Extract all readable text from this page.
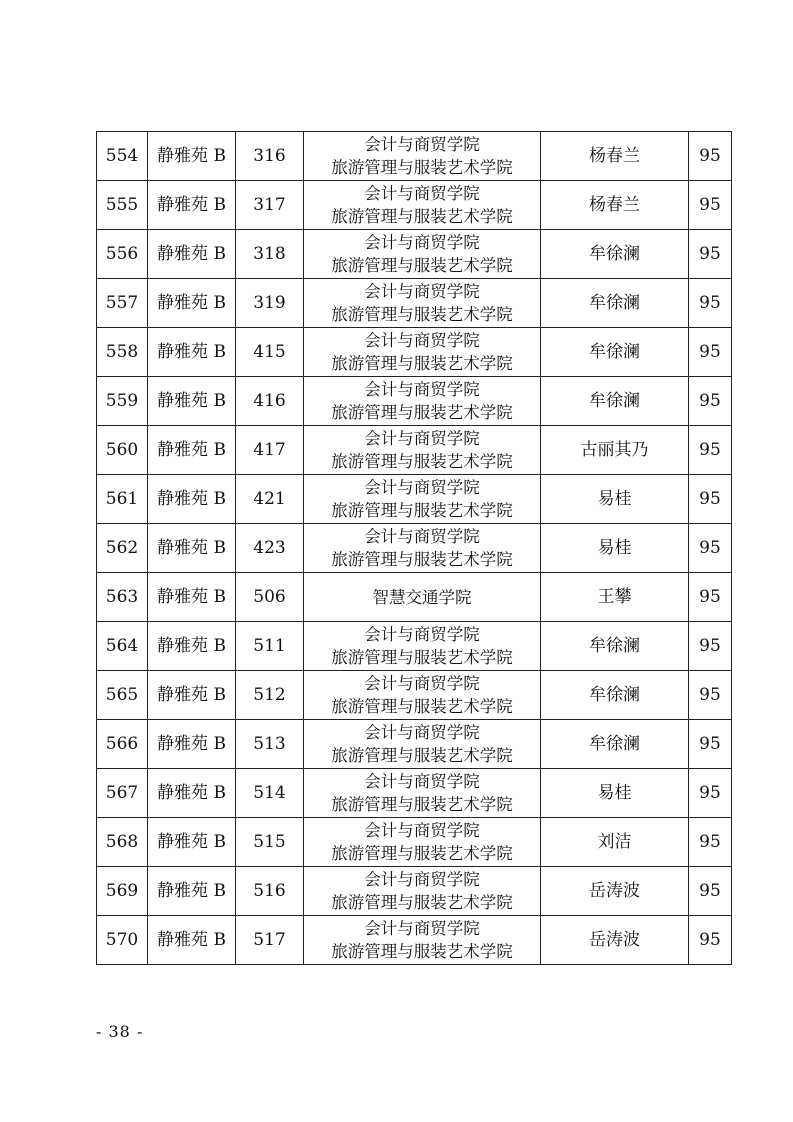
554	静雅苑 B	316	会计与商贸学院
旅游管理与服装艺术学院	杨春兰	95
555	静雅苑 B	317	会计与商贸学院
旅游管理与服装艺术学院	杨春兰	95
556	静雅苑 B	318	会计与商贸学院
旅游管理与服装艺术学院	牟徐澜	95
557	静雅苑 B	319	会计与商贸学院
旅游管理与服装艺术学院	牟徐澜	95
558	静雅苑 B	415	会计与商贸学院
旅游管理与服装艺术学院	牟徐澜	95
559	静雅苑 B	416	会计与商贸学院
旅游管理与服装艺术学院	牟徐澜	95
560	静雅苑 B	417	会计与商贸学院
旅游管理与服装艺术学院	古丽其乃	95
561	静雅苑 B	421	会计与商贸学院
旅游管理与服装艺术学院	易桂	95
562	静雅苑 B	423	会计与商贸学院
旅游管理与服装艺术学院	易桂	95
563	静雅苑 B	506	智慧交通学院	王攀	95
564	静雅苑 B	511	会计与商贸学院
旅游管理与服装艺术学院	牟徐澜	95
565	静雅苑 B	512	会计与商贸学院
旅游管理与服装艺术学院	牟徐澜	95
566	静雅苑 B	513	会计与商贸学院
旅游管理与服装艺术学院	牟徐澜	95
567	静雅苑 B	514	会计与商贸学院
旅游管理与服装艺术学院	易桂	95
568	静雅苑 B	515	会计与商贸学院
旅游管理与服装艺术学院	刘洁	95
569	静雅苑 B	516	会计与商贸学院
旅游管理与服装艺术学院	岳涛波	95
570	静雅苑 B	517	会计与商贸学院
旅游管理与服装艺术学院	岳涛波	95
- 38 -
